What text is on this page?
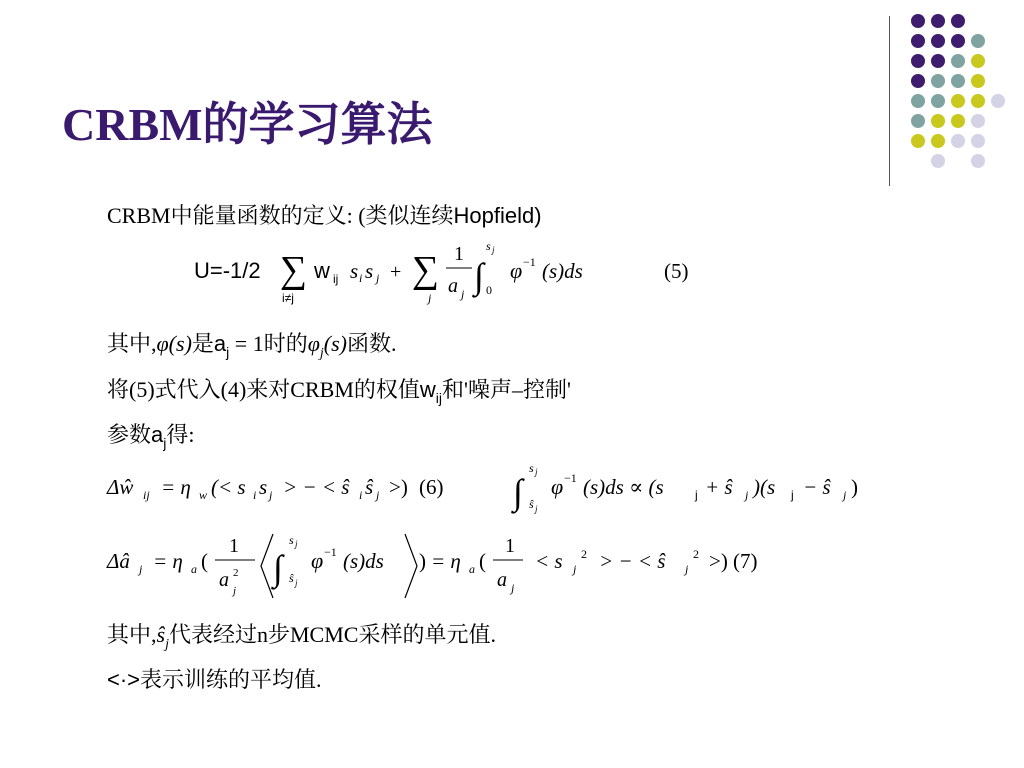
CRBM的学习算法
CRBM中能量函数的定义: (类似连续Hopfield)
U=-1/2 ∑
i≠j
w ij s i s j + ∑
j
1
a j ∫
s j
0
φ −1 (s)ds	(5)
其中,φ(s)是$a_j = 1$时的$\varphi_j(s)$函数.
将(5)式代入(4)来对CRBM的权值$w_{ij}$和'噪声–控制'
参数$a_j$得:
Δŵ ij = η w (< s i s j > − < ŝ i ŝ j >) (6) ∫
s j
ŝ j
φ −1 (s)ds ∝ (s	j + ŝ j )(s j − ŝ j )
Δâ j = η a (
1
a 2
j
∫
s j
ŝ j
φ −1 (s)ds ) = η a (
1
a j
< s j
2 > − < ŝ j
2 >) (7)
其中$,ŝ_j$代表经过n步MCMC采样的单元值.
<·>表示训练的平均值.
